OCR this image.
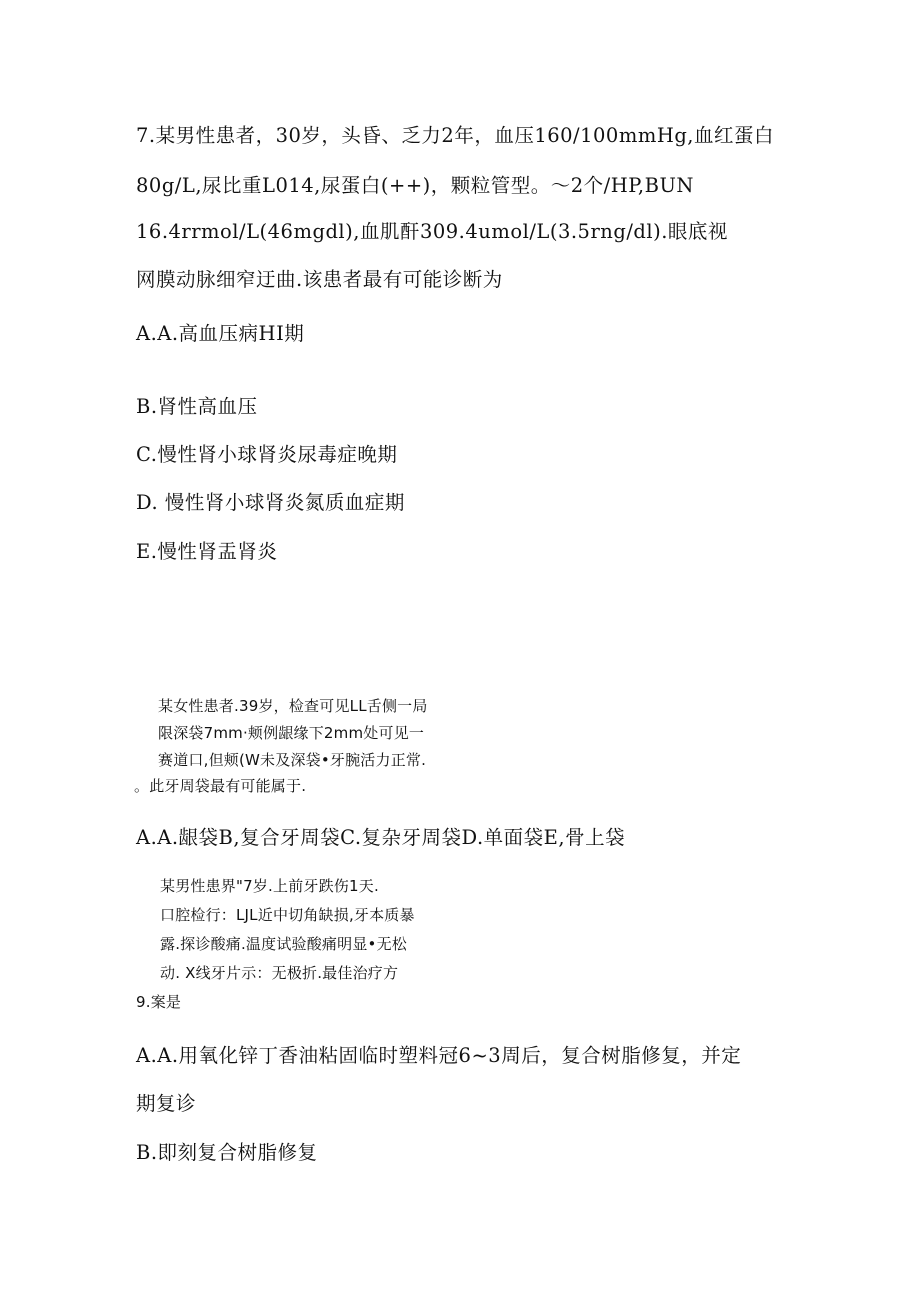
7.某男性患者，30岁，头昏、乏力2年，血压160/100mmHg,血红蛋白
80g/L,尿比重L014,尿蛋白(++)，颗粒管型。～2个/HP,BUN
16.4rrmol/L(46mgdl),血肌酐309.4umol/L(3.5rng/dl).眼底视
网膜动脉细窄迂曲.该患者最有可能诊断为
A.A.高血压病HI期
B.肾性高血压
C.慢性肾小球肾炎尿毒症晚期
D. 慢性肾小球肾炎氮质血症期
E.慢性肾盂肾炎
某女性患者.39岁，检查可见LL舌侧一局
限深袋7mm·颊例龈缘下2mm处可见一
赛道口,但颊(W未及深袋•牙腕活力正常.
。此牙周袋最有可能属于.
A.A.龈袋B,复合牙周袋C.复杂牙周袋D.单面袋E,骨上袋
某男性患界"7岁.上前牙跌伤1天.
口腔检行：LJL近中切角缺损,牙本质暴
露.探诊酸痛.温度试验酸痛明显•无松
动. X线牙片示：无极折.最佳治疗方
9.案是
A.A.用氧化锌丁香油粘固临时塑料冠6~3周后，复合树脂修复，并定
期复诊
B.即刻复合树脂修复
